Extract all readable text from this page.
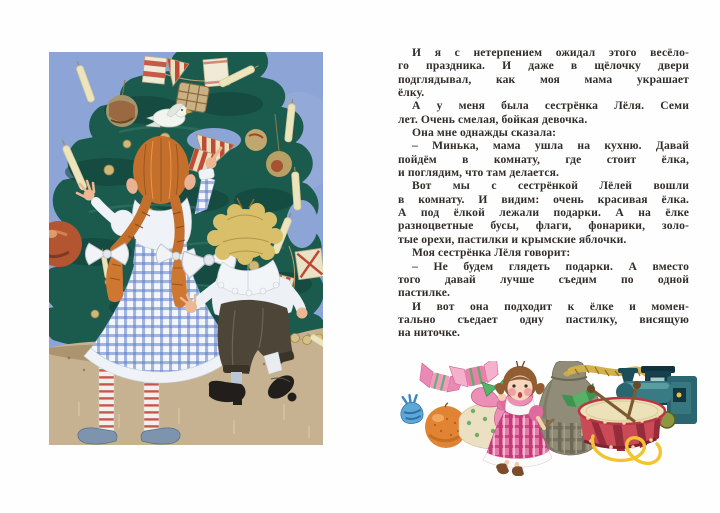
И я с нетерпением ожидал этого весёло-
го праздника. И даже в щёлочку двери
подглядывал, как моя мама украшает
ёлку.
А у меня была сестрёнка Лёля. Семи
лет. Очень смелая, бойкая девочка.
Она мне однажды сказала:
– Минька, мама ушла на кухню. Давай
пойдём в комнату, где стоит ёлка,
и поглядим, что там делается.
Вот мы с сестрёнкой Лёлей вошли
в комнату. И видим: очень красивая ёлка.
А под ёлкой лежали подарки. А на ёлке
разноцветные бусы, флаги, фонарики, золо-
тые орехи, пастилки и крымские яблочки.
Моя сестрёнка Лёля говорит:
– Не будем глядеть подарки. А вместо
того давай лучше съедим по одной
пастилке.
И вот она подходит к ёлке и момен-
тально съедает одну пастилку, висящую
на ниточке.
